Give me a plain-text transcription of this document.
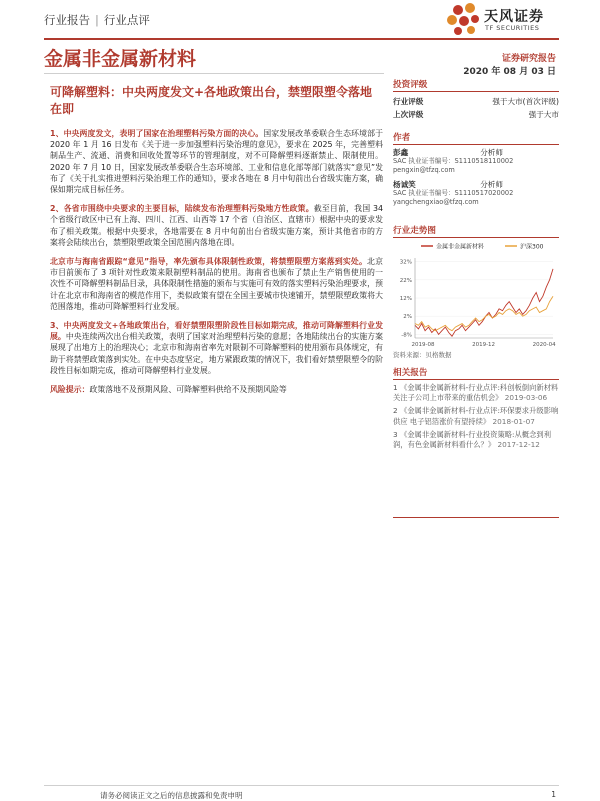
行业报告 | 行业点评	天风证券
TF SECURITIES
金属非金属新材料	证券研究报告
2020 年 08 月 03 日
可降解塑料：中央两度发文+各地政策出台，禁塑限塑令落地在即

1、中央两度发文，表明了国家在治理塑料污染方面的决心。国家发展改革委联合生态环境部于 2020 年 1 月 16 日发布《关于进一步加强塑料污染治理的意见》，要求在 2025 年，完善塑料制品生产、流通、消费和回收处置等环节的管理制度，对不可降解塑料逐渐禁止、限制使用。2020 年 7 月 10 日，国家发展改革委联合生态环境部、工业和信息化部等部门就落实“意见”发布了《关于扎实推进塑料污染治理工作的通知》，要求各地在 8 月中旬前出台省级实施方案，确保如期完成目标任务。

2、各省市围绕中央要求的主要目标，陆续发布治理塑料污染地方性政策。截至目前，我国 34 个省级行政区中已有上海、四川、江西、山西等 17 个省（自治区、直辖市）根据中央的要求发布了相关政策。根据中央要求，各地需要在 8 月中旬前出台省级实施方案，预计其他省市的方案将会陆续出台，禁塑限塑政策全国范围内落地在即。

北京市与海南省跟踪“意见”指导，率先颁布具体限制性政策，将禁塑限塑方案落到实处。北京市目前颁布了 3 项针对性政策来限制塑料制品的使用。海南省也颁布了禁止生产销售使用的一次性不可降解塑料制品目录，具体限制性措施的颁布与实施可有效的落实塑料污染治理要求，预计在北京市和海南省的模范作用下，类似政策有望在全国主要城市快速铺开，禁塑限塑政策将大范围落地，推动可降解塑料行业发展。

3、中央两度发文+各地政策出台，看好禁塑限塑阶段性目标如期完成，推动可降解塑料行业发展。中央连续两次出台相关政策，表明了国家对治理塑料污染的意愿；各地陆续出台的实施方案展现了出地方上的治理决心；北京市和海南省率先对限制不可降解塑料的使用颁布具体规定，有助于将禁塑政策落到实处。在中央态度坚定，地方紧跟政策的情况下，我们看好禁塑限塑令的阶段性目标如期完成，推动可降解塑料行业发展。

风险提示：政策落地不及预期风险、可降解塑料供给不及预期风险等

投资评级
行业评级	强于大市(首次评级)
上次评级	强于大市
作者
彭鑫	分析师
SAC 执业证书编号：S1110518110002
pengxin@tfzq.com
杨诚笑	分析师
SAC 执业证书编号：S1110517020002
yangchengxiao@tfzq.com
行业走势图
金属非金属新材料	沪深300
32%
22%
12%
2%
-8%
2019-08	2019-12	2020-04
资料来源：贝格数据
相关报告
1 《金属非金属新材料-行业点评:科创板倒向新材料 关注子公司上市带来的重估机会》 2019-03-06
2 《金属非金属新材料-行业点评:环保要求升级影响供应 电子铝箔涨价有望持续》 2018-01-07
3 《金属非金属新材料-行业投资策略:从概念到利润，有色金属新材料看什么？》 2017-12-12
请务必阅读正文之后的信息披露和免责申明	1
